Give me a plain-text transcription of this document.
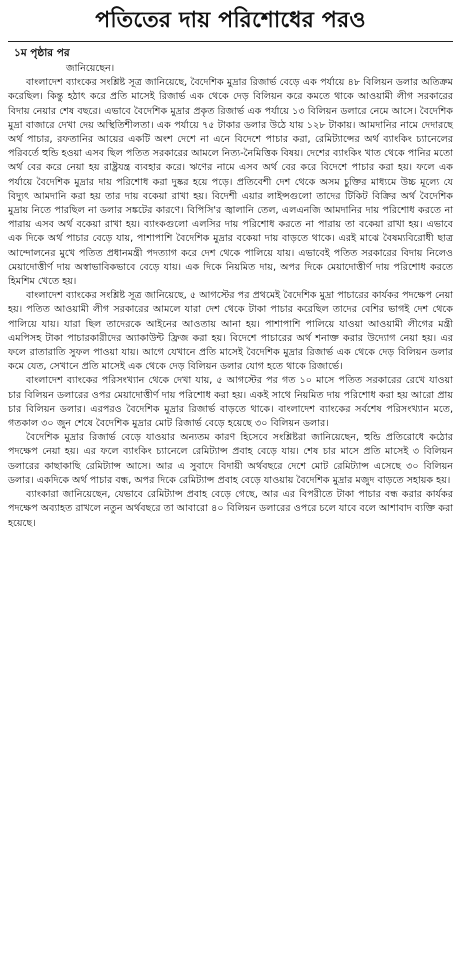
পতিতের দায় পরিশোধের পরও
১ম পৃষ্ঠার পর

জানিয়েছেন।

বাংলাদেশ ব্যাংকের সংশ্লিষ্ট সূত্র জানিয়েছে, বৈদেশিক মুদ্রার রিজার্ভ বেড়ে এক পর্যায়ে ৪৮ বিলিয়ন ডলার অতিক্রম করেছিল। কিন্তু হঠাৎ করে প্রতি মাসেই রিজার্ভ এক থেকে দেড় বিলিয়ন করে কমতে থাকে আওয়ামী লীগ সরকারের বিদায় নেয়ার শেষ বছরে। এভাবে বৈদেশিক মুদ্রার প্রকৃত রিজার্ভ এক পর্যায়ে ১৩ বিলিয়ন ডলারে নেমে আসে। বৈদেশিক মুদ্রা বাজারে দেখা দেয় অস্থিতিশীলতা। এক পর্যায়ে ৭৫ টাকার ডলার উঠে যায় ১২৮ টাকায়। আমদানির নামে দেদারছে অর্থ পাচার, রফতানির আয়ের একটি অংশ দেশে না এনে বিদেশে পাচার করা, রেমিট্যান্সের অর্থ ব্যাংকিং চ্যানেলের পরিবর্তে হুন্ডি হওয়া এসব ছিল পতিত সরকারের আমলে নিত্য-নৈমিত্তিক বিষয়। দেশের ব্যাংকিং খাত থেকে পানির মতো অর্থ বের করে নেয়া হয় রাষ্ট্রযন্ত্র ব্যবহার করে। ঋণের নামে এসব অর্থ বের করে বিদেশে পাচার করা হয়। ফলে এক পর্যায়ে বৈদেশিক মুদ্রার দায় পরিশোধ করা দুষ্কর হয়ে পড়ে। প্রতিবেশী দেশ থেকে অসম চুক্তির মাধ্যমে উচ্চ মূল্যে যে বিদ্যুৎ আমদানি করা হয় তার দায় বকেয়া রাখা হয়। বিদেশী এয়ার লাইন্সগুলো তাদের টিকিট বিক্রির অর্থ বৈদেশিক মুদ্রায় নিতে পারছিল না ডলার সঙ্কটের কারণে। বিপিসি'র জ্বালানি তেল, এলএনজি আমদানির দায় পরিশোধ করতে না পারায় এসব অর্থ বকেয়া রাখা হয়। ব্যাংকগুলো এলসির দায় পরিশোধ করতে না পারায় তা বকেয়া রাখা হয়। এভাবে এক দিকে অর্থ পাচার বেড়ে যায়, পাশাপাশি বৈদেশিক মুদ্রার বকেয়া দায় বাড়তে থাকে। এরই মাঝে বৈষম্যবিরোধী ছাত্র আন্দোলনের মুখে পতিত প্রধানমন্ত্রী পদত্যাগ করে দেশ থেকে পালিয়ে যায়। এভাবেই পতিত সরকারের বিদায় নিলেও মেয়াদোত্তীর্ণ দায় অস্বাভাবিকভাবে বেড়ে যায়। এক দিকে নিয়মিত দায়, অপর দিকে মেয়াদোত্তীর্ণ দায় পরিশোধ করতে হিমশিম খেতে হয়।

বাংলাদেশ ব্যাংকের সংশ্লিষ্ট সূত্র জানিয়েছে, ৫ আগস্টের পর প্রথমেই বৈদেশিক মুদ্রা পাচারের কার্যকর পদক্ষেপ নেয়া হয়। পতিত আওয়ামী লীগ সরকারের আমলে যারা দেশ থেকে টাকা পাচার করেছিল তাদের বেশির ভাগই দেশ থেকে পালিয়ে যায়। যারা ছিল তাদেরকে আইনের আওতায় আনা হয়। পাশাপাশি পালিয়ে যাওয়া আওয়ামী লীগের মন্ত্রী এমপিসহ টাকা পাচারকারীদের অ্যাকাউন্ট ফ্রিজ করা হয়। বিদেশে পাচারের অর্থ শনাক্ত করার উদ্যোগ নেয়া হয়। এর ফলে রাতারাতি সুফল পাওয়া যায়। আগে যেখানে প্রতি মাসেই বৈদেশিক মুদ্রার রিজার্ভ এক থেকে দেড় বিলিয়ন ডলার কমে যেত, সেখানে প্রতি মাসেই এক থেকে দেড় বিলিয়ন ডলার যোগ হতে থাকে রিজার্ভে।

বাংলাদেশ ব্যাংকের পরিসংখ্যান থেকে দেখা যায়, ৫ আগস্টের পর গত ১০ মাসে পতিত সরকারের রেখে যাওয়া চার বিলিয়ন ডলারের ওপর মেয়াদোত্তীর্ণ দায় পরিশোধ করা হয়। একই সাথে নিয়মিত দায় পরিশোধ করা হয় আরো প্রায় চার বিলিয়ন ডলার। এরপরও বৈদেশিক মুদ্রার রিজার্ভ বাড়তে থাকে। বাংলাদেশ ব্যাংকের সর্বশেষ পরিসংখ্যান মতে, গতকাল ৩০ জুন শেষে বৈদেশিক মুদ্রার মোট রিজার্ভ বেড়ে হয়েছে ৩০ বিলিয়ন ডলার।

বৈদেশিক মুদ্রার রিজার্ভ বেড়ে যাওয়ার অন্যতম কারণ হিসেবে সংশ্লিষ্টরা জানিয়েছেন, হুন্ডি প্রতিরোধে কঠোর পদক্ষেপ নেয়া হয়। এর ফলে ব্যাংকিং চ্যানেলে রেমিট্যান্স প্রবাহ বেড়ে যায়। শেষ চার মাসে প্রতি মাসেই ৩ বিলিয়ন ডলারের কাছাকাছি রেমিট্যান্স আসে। আর এ সুবাদে বিদায়ী অর্থবছরে দেশে মোট রেমিট্যান্স এসেছে ৩০ বিলিয়ন ডলার। একদিকে অর্থ পাচার বন্ধ, অপর দিকে রেমিট্যান্স প্রবাহ বেড়ে যাওয়ায় বৈদেশিক মুদ্রার মজুদ বাড়তে সহায়ক হয়।

ব্যাংকারা জানিয়েছেন, যেভাবে রেমিট্যান্স প্রবাহ বেড়ে গেছে, আর এর বিপরীতে টাকা পাচার বন্ধ করার কার্যকর পদক্ষেপ অব্যাহত রাখলে নতুন অর্থবছরে তা আবারো ৪০ বিলিয়ন ডলারের ওপরে চলে যাবে বলে আশাবাদ ব্যক্তি করা হয়েছে।
